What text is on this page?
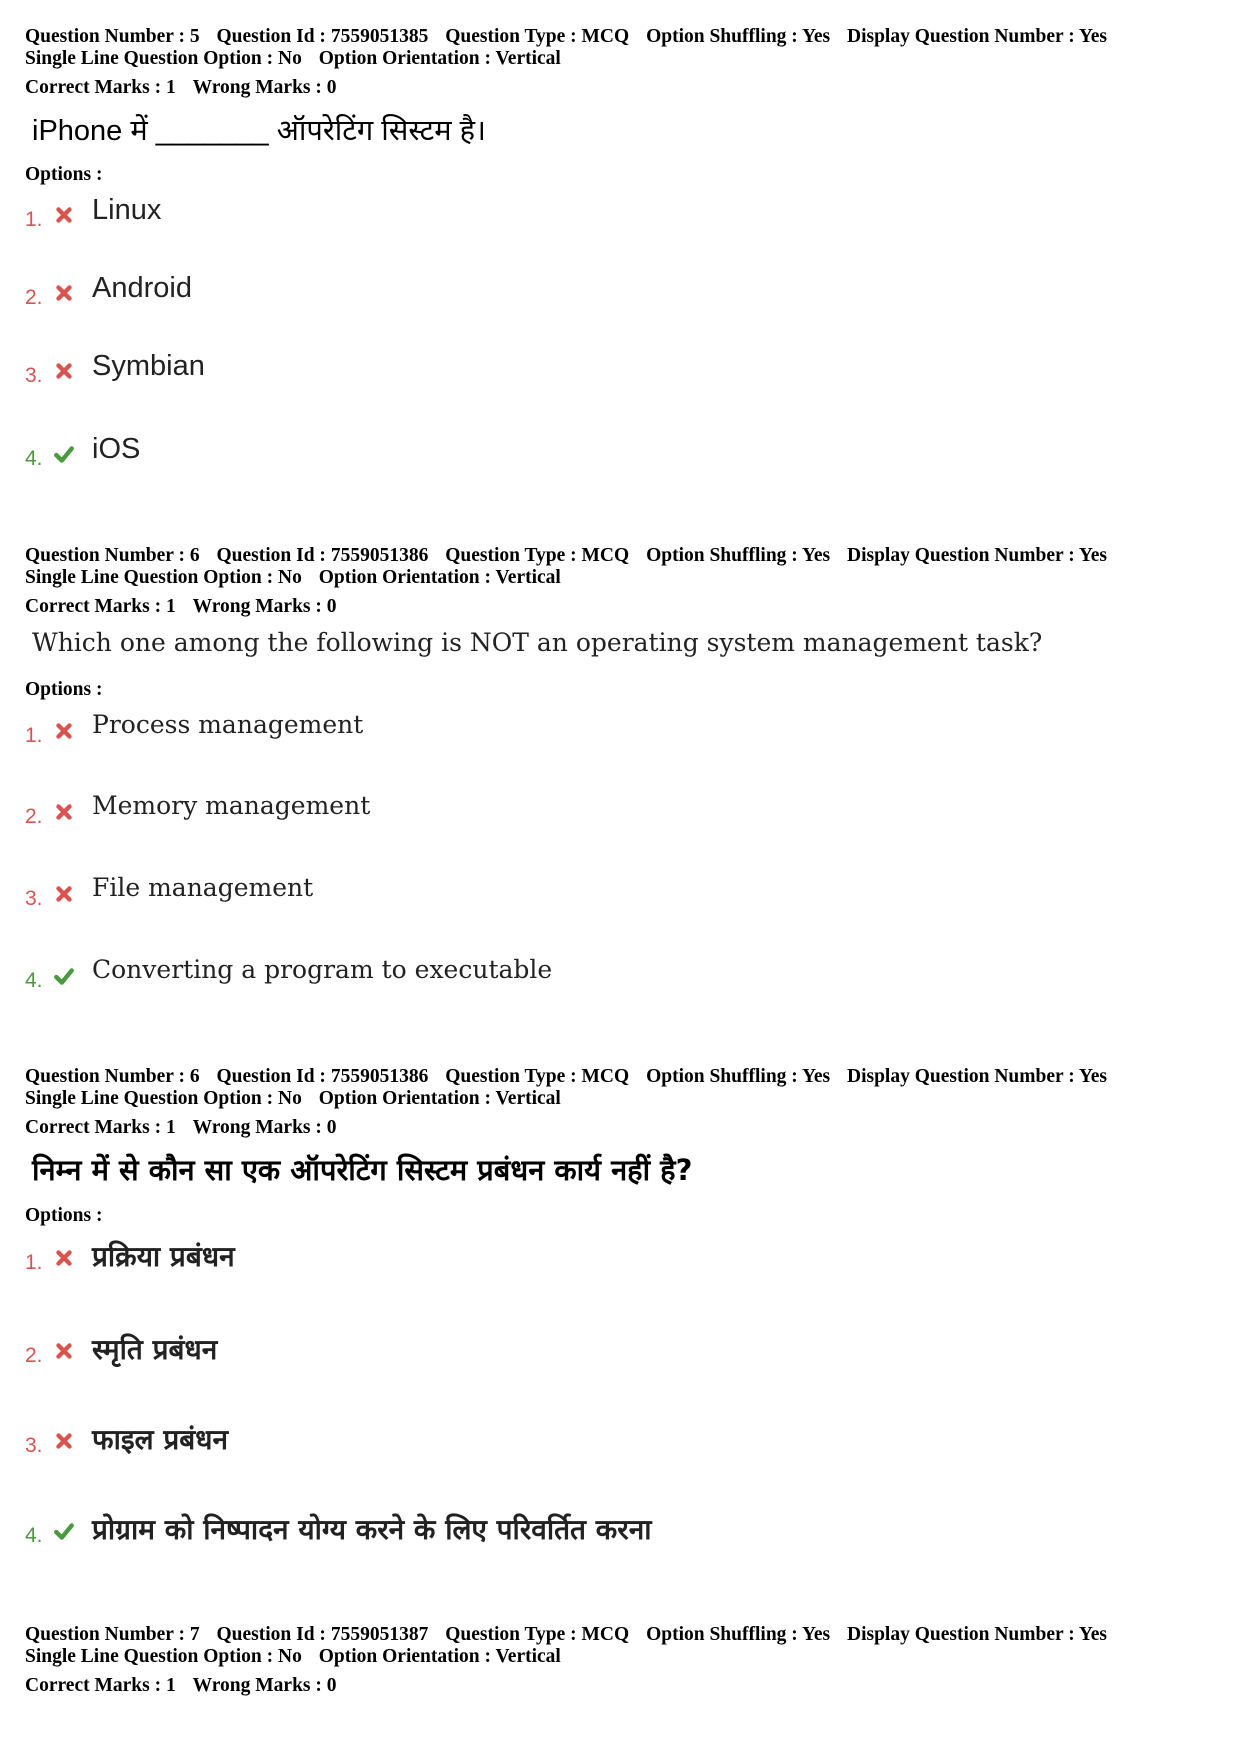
Question Number : 5 Question Id : 7559051385 Question Type : MCQ Option Shuffling : Yes Display Question Number : Yes

Single Line Question Option : No Option Orientation : Vertical

Correct Marks : 1 Wrong Marks : 0

iPhone में _______ ऑपरेटिंग सिस्टम है।
Options :
1. Linux
2. Android
3. Symbian
4. iOS

Question Number : 6 Question Id : 7559051386 Question Type : MCQ Option Shuffling : Yes Display Question Number : Yes

Single Line Question Option : No Option Orientation : Vertical

Correct Marks : 1 Wrong Marks : 0

Which one among the following is NOT an operating system management task?
Options :
1. Process management
2. Memory management
3. File management
4. Converting a program to executable

Question Number : 6 Question Id : 7559051386 Question Type : MCQ Option Shuffling : Yes Display Question Number : Yes

Single Line Question Option : No Option Orientation : Vertical

Correct Marks : 1 Wrong Marks : 0

निम्न में से कौन सा एक ऑपरेटिंग सिस्टम प्रबंधन कार्य नहीं है?
Options :
1. प्रक्रिया प्रबंधन
2. स्मृति प्रबंधन
3. फाइल प्रबंधन
4. प्रोग्राम को निष्पादन योग्य करने के लिए परिवर्तित करना

Question Number : 7 Question Id : 7559051387 Question Type : MCQ Option Shuffling : Yes Display Question Number : Yes

Single Line Question Option : No Option Orientation : Vertical

Correct Marks : 1 Wrong Marks : 0
